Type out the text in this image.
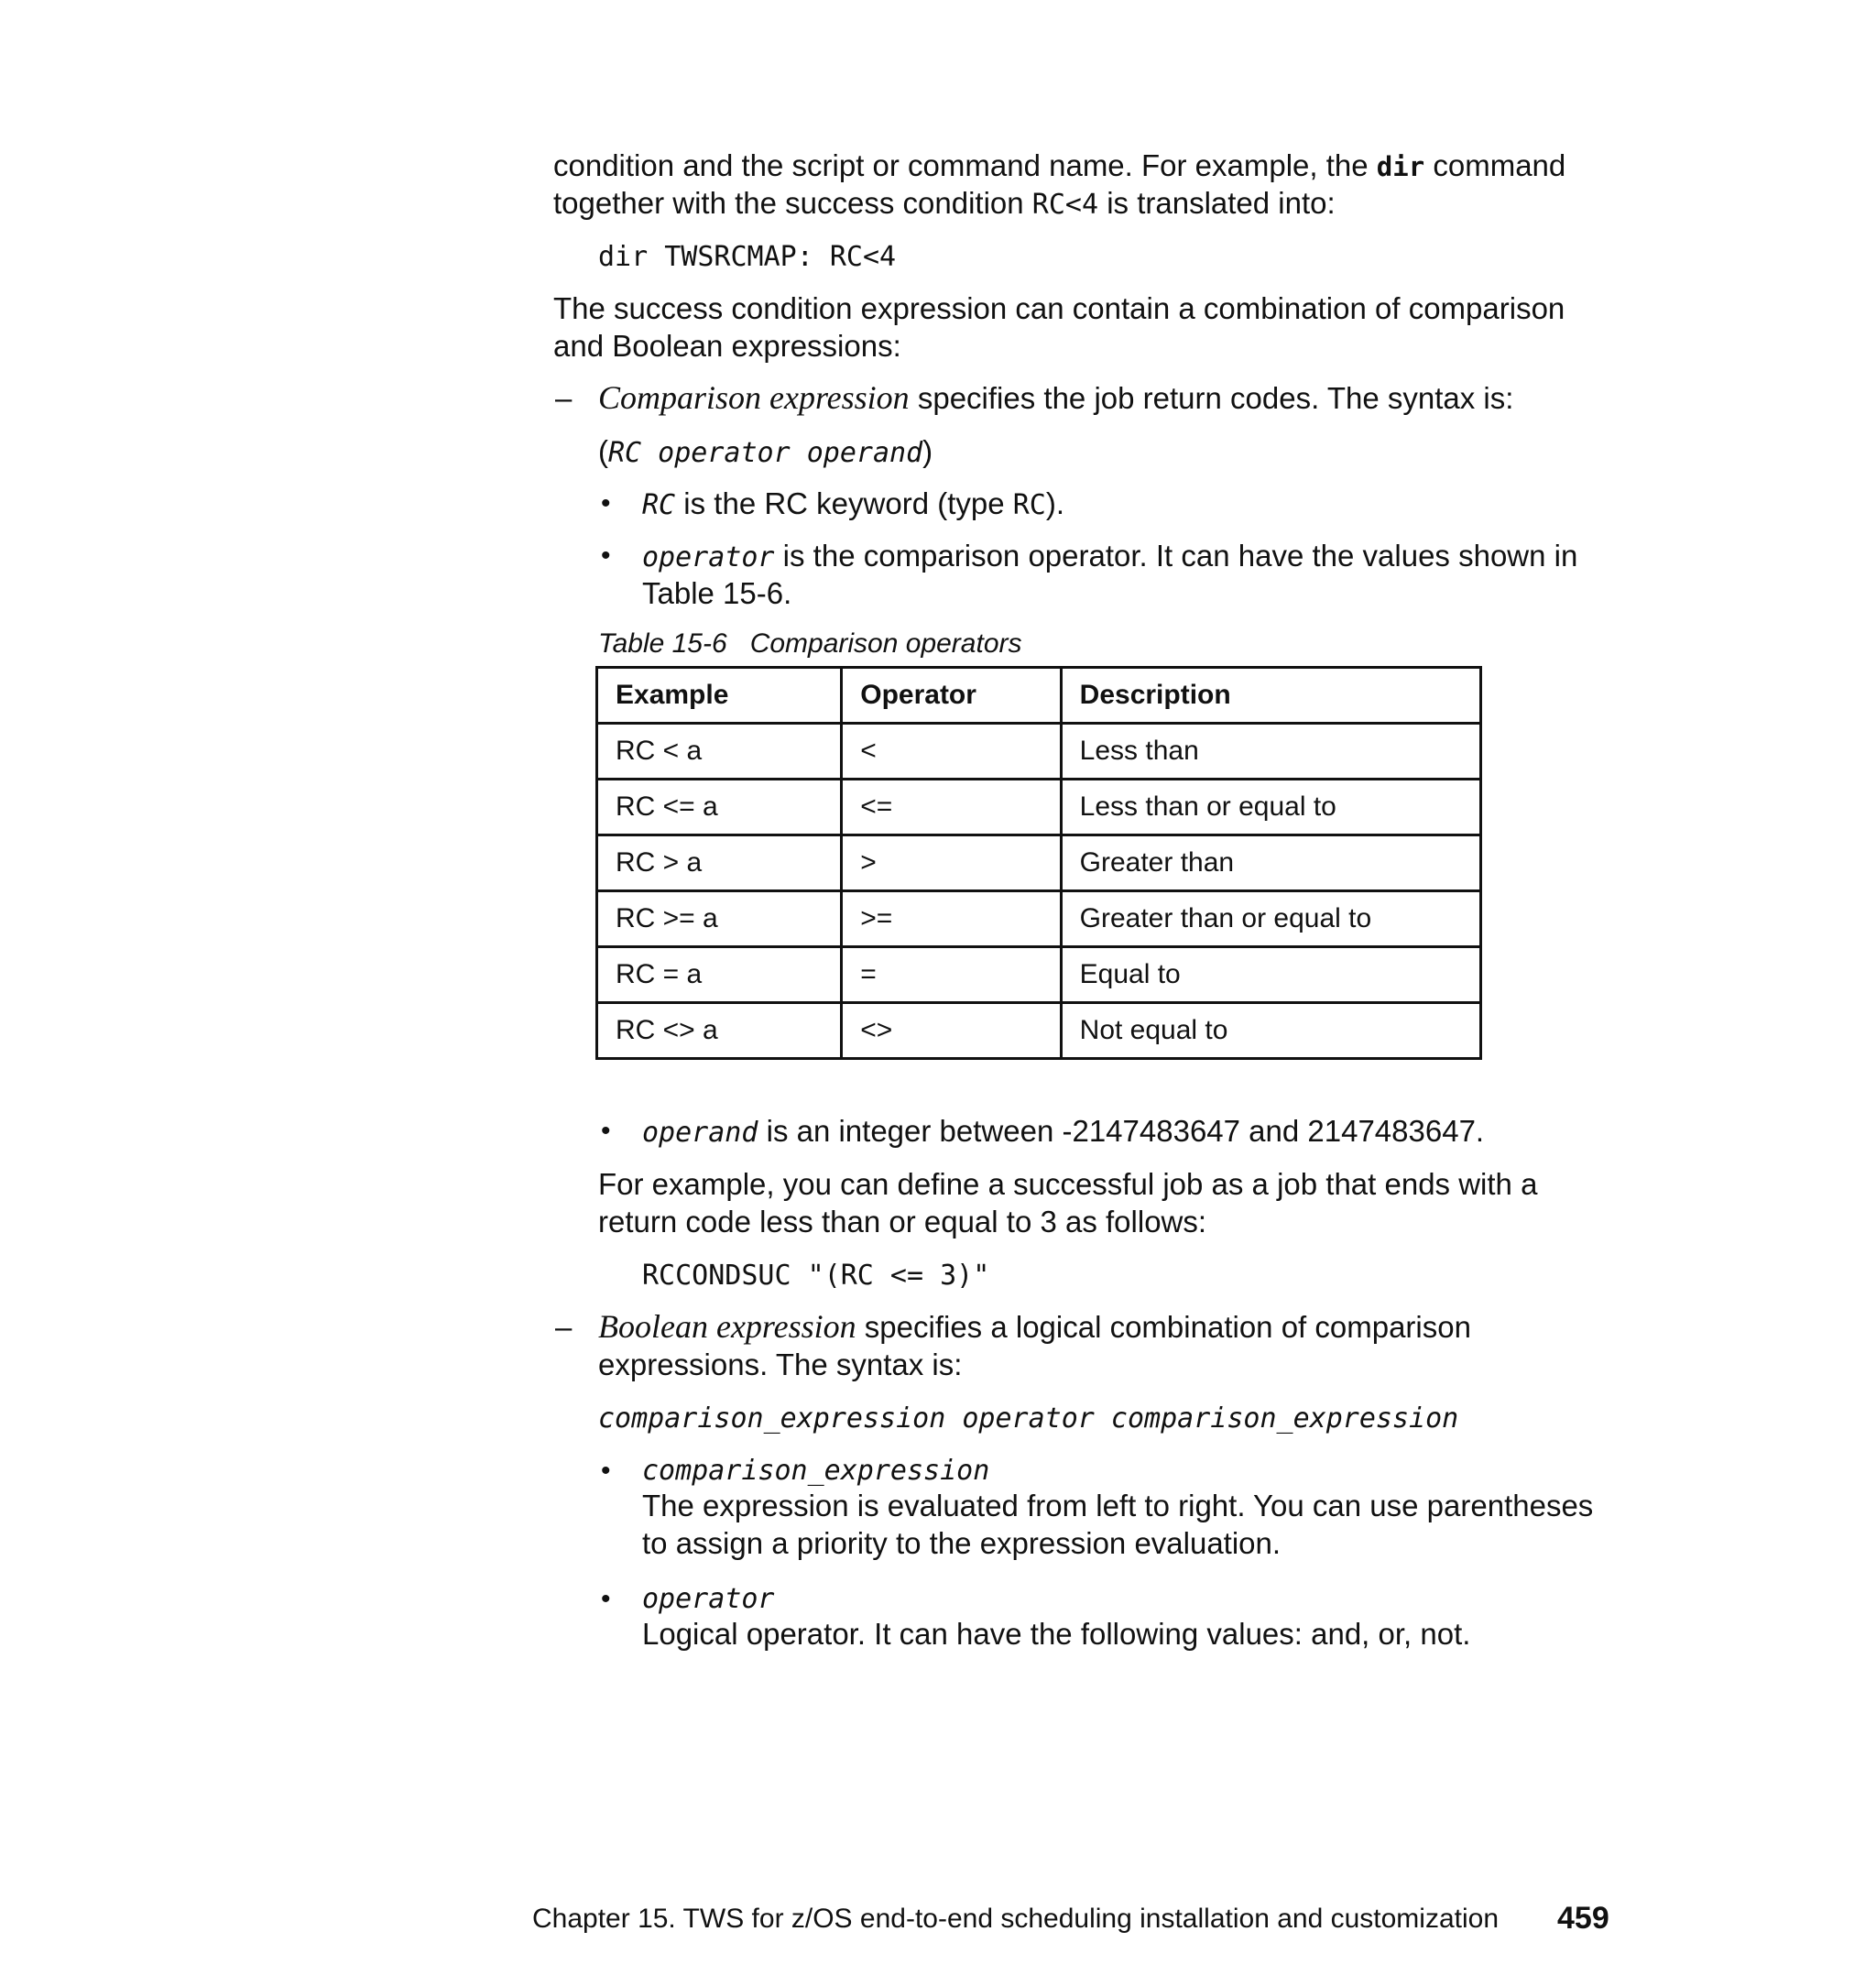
condition and the script or command name. For example, the dir command

together with the success condition RC<4 is translated into:

dir TWSRCMAP: RC<4

The success condition expression can contain a combination of comparison

and Boolean expressions:

– Comparison expression specifies the job return codes. The syntax is:

(RC operator operand)

• RC is the RC keyword (type RC).

• operator is the comparison operator. It can have the values shown in

Table 15-6.

Table 15-6 Comparison operators
Example	Operator	Description
RC < a	<	Less than
RC <= a	<=	Less than or equal to
RC > a	>	Greater than
RC >= a	>=	Greater than or equal to
RC = a	=	Equal to
RC <> a	<>	Not equal to
• operand is an integer between -2147483647 and 2147483647.

For example, you can define a successful job as a job that ends with a

return code less than or equal to 3 as follows:

RCCONDSUC "(RC <= 3)"

– Boolean expression specifies a logical combination of comparison

expressions. The syntax is:

comparison_expression operator comparison_expression

• comparison_expression

The expression is evaluated from left to right. You can use parentheses

to assign a priority to the expression evaluation.

• operator

Logical operator. It can have the following values: and, or, not.

Chapter 15. TWS for z/OS end-to-end scheduling installation and customization 459
